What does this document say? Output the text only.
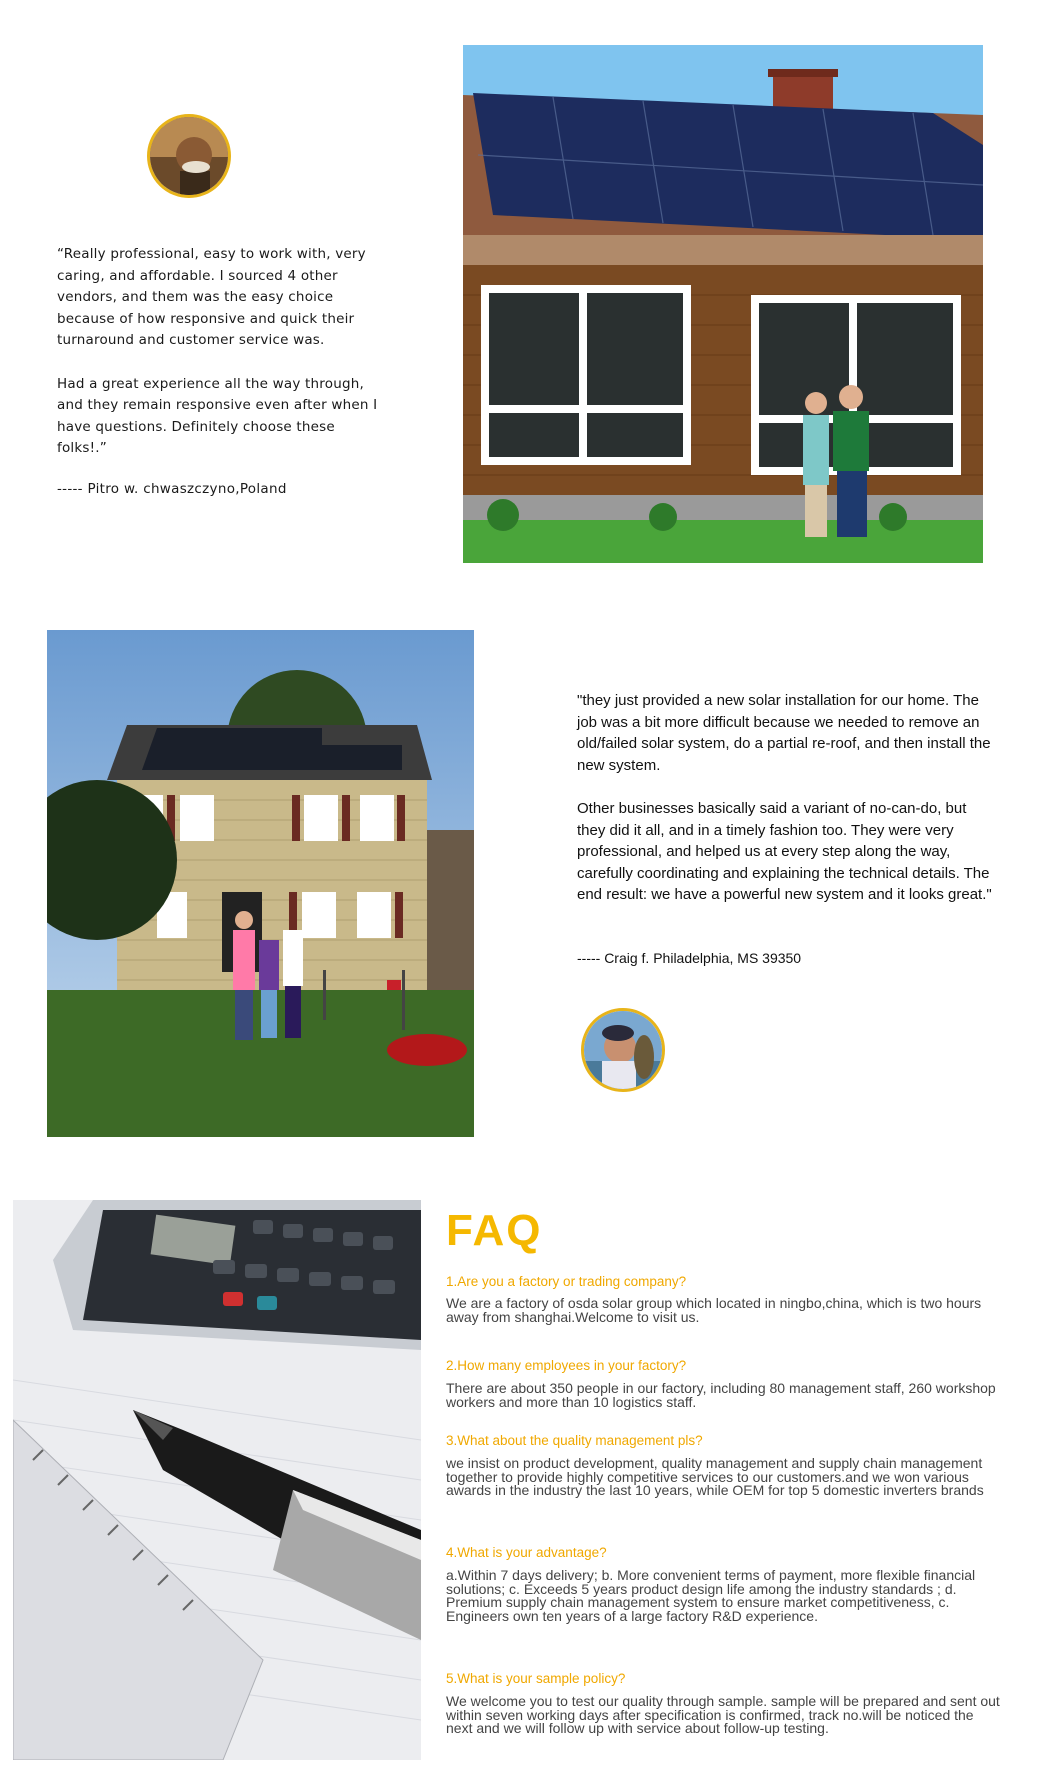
“Really professional, easy to work with, very caring, and affordable. I sourced 4 other vendors, and them was the easy choice because of how responsive and quick their turnaround and customer service was.

Had a great experience all the way through, and they remain responsive even after when I have questions. Definitely choose these folks!.”

----- Pitro w. chwaszczyno,Poland

"they just provided a new solar installation for our home. The job was a bit more difficult because we needed to remove an old/failed solar system, do a partial re-roof, and then install the new system.

Other businesses basically said a variant of no-can-do, but they did it all, and in a timely fashion too. They were very professional, and helped us at every step along the way, carefully coordinating and explaining the technical details. The end result: we have a powerful new system and it looks great."

----- Craig f. Philadelphia, MS 39350
FAQ
1.Are you a factory or trading company?
We are a factory of osda solar group which located in ningbo,china, which is two hours away from shanghai.Welcome to visit us.
2.How many employees in your factory?
There are about 350 people in our factory, including 80 management staff, 260 workshop workers and more than 10 logistics staff.
3.What about the quality management pls?
we insist on product development, quality management and supply chain management together to provide highly competitive services to our customers.and we won various awards in the industry the last 10 years, while OEM for top 5 domestic inverters brands
4.What is your advantage?
a.Within 7 days delivery; b. More convenient terms of payment, more flexible financial solutions; c. Exceeds 5 years product design life among the industry standards ; d. Premium supply chain management system to ensure market competitiveness, c. Engineers own ten years of a large factory R&D experience.
5.What is your sample policy?
We welcome you to test our quality through sample. sample will be prepared and sent out within seven working days after specification is confirmed, track no.will be noticed the next and we will follow up with service about follow-up testing.
